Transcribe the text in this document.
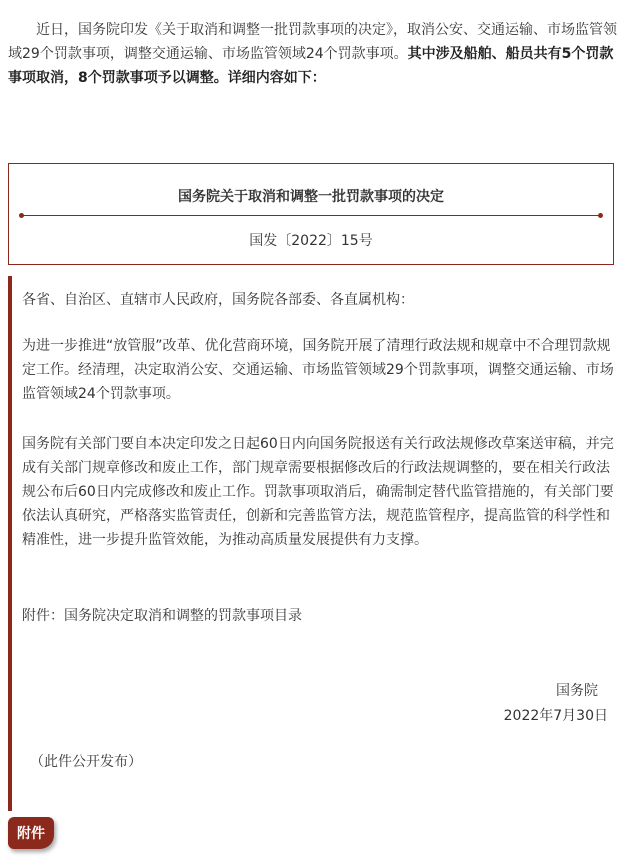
近日，国务院印发《关于取消和调整一批罚款事项的决定》，取消公安、交通运输、市场监管领域29个罚款事项，调整交通运输、市场监管领域24个罚款事项。其中涉及船舶、船员共有5个罚款事项取消，8个罚款事项予以调整。详细内容如下：
国务院关于取消和调整一批罚款事项的决定
国发〔2022〕15号
各省、自治区、直辖市人民政府，国务院各部委、各直属机构：
为进一步推进“放管服”改革、优化营商环境，国务院开展了清理行政法规和规章中不合理罚款规定工作。经清理，决定取消公安、交通运输、市场监管领域29个罚款事项，调整交通运输、市场监管领域24个罚款事项。
国务院有关部门要自本决定印发之日起60日内向国务院报送有关行政法规修改草案送审稿，并完成有关部门规章修改和废止工作，部门规章需要根据修改后的行政法规调整的，要在相关行政法规公布后60日内完成修改和废止工作。罚款事项取消后，确需制定替代监管措施的，有关部门要依法认真研究，严格落实监管责任，创新和完善监管方法，规范监管程序，提高监管的科学性和精准性，进一步提升监管效能，为推动高质量发展提供有力支撑。
附件：国务院决定取消和调整的罚款事项目录
国务院
2022年7月30日
（此件公开发布）
附件
